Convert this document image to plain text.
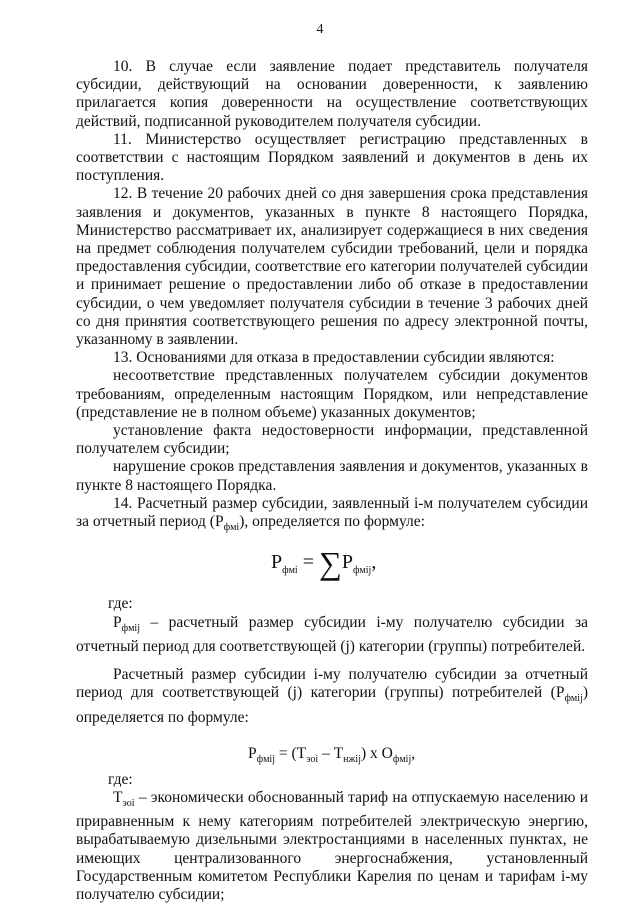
4

10. В случае если заявление подает представитель получателя субсидии, действующий на основании доверенности, к заявлению прилагается копия доверенности на осуществление соответствующих действий, подписанной руководителем получателя субсидии.

11. Министерство осуществляет регистрацию представленных в соответствии с настоящим Порядком заявлений и документов в день их поступления.

12. В течение 20 рабочих дней со дня завершения срока представления заявления и документов, указанных в пункте 8 настоящего Порядка, Министерство рассматривает их, анализирует содержащиеся в них сведения на предмет соблюдения получателем субсидии требований, цели и порядка предоставления субсидии, соответствие его категории получателей субсидии и принимает решение о предоставлении либо об отказе в предоставлении субсидии, о чем уведомляет получателя субсидии в течение 3 рабочих дней со дня принятия соответствующего решения по адресу электронной почты, указанному в заявлении.

13. Основаниями для отказа в предоставлении субсидии являются:

несоответствие представленных получателем субсидии документов требованиям, определенным настоящим Порядком, или непредставление (представление не в полном объеме) указанных документов;

установление факта недостоверности информации, представленной получателем субсидии;

нарушение сроков представления заявления и документов, указанных в пункте 8 настоящего Порядка.

14. Расчетный размер субсидии, заявленный i-м получателем субсидии за отчетный период $(Р_{фмi})$, определяется по формуле:

$Р_{фмi} = \sum Р_{фмij}$,

где:

$Р_{фмij}$ – расчетный размер субсидии i-му получателю субсидии за отчетный период для соответствующей (j) категории (группы) потребителей.

Расчетный размер субсидии i-му получателю субсидии за отчетный период для соответствующей (j) категории (группы) потребителей $(Р_{фмij})$ определяется по формуле:

$Р_{фмij} = (Т_{эоi} - Т_{нжij})$ х $О_{фмij}$,

где:

$Т_{эоi}$ – экономически обоснованный тариф на отпускаемую населению и приравненным к нему категориям потребителей электрическую энергию, вырабатываемую дизельными электростанциями в населенных пунктах, не имеющих централизованного энергоснабжения, установленный Государственным комитетом Республики Карелия по ценам и тарифам i-му получателю субсидии;
